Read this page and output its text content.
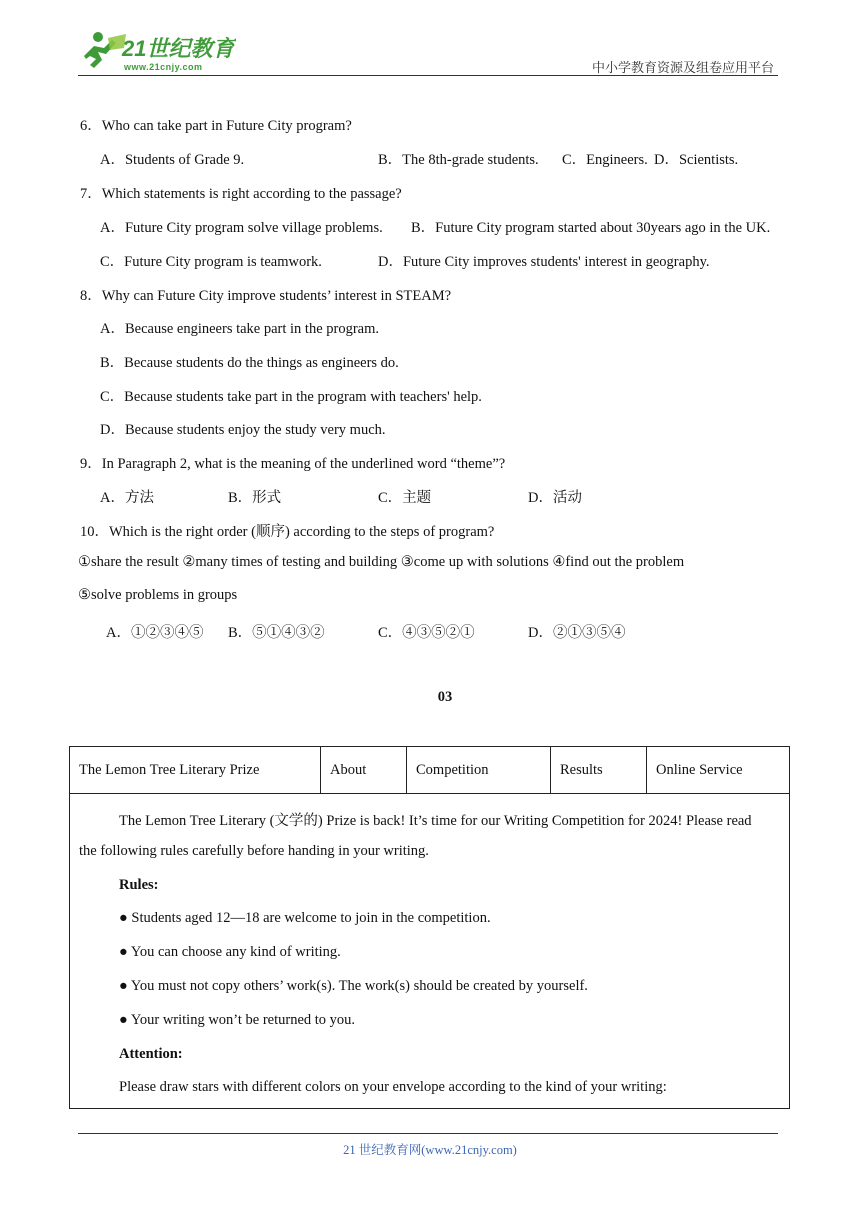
21世纪教育
www.21cnjy.com	中小学教育资源及组卷应用平台
6．Who can take part in Future City program?
A．Students of Grade 9.	B．The 8th-grade students. C．Engineers. D．Scientists.
7．Which statements is right according to the passage?
A．Future City program solve village problems. B．Future City program started about 30years ago in the UK.
C．Future City program is teamwork.	D．Future City improves students' interest in geography.
8．Why can Future City improve students’ interest in STEAM?
A．Because engineers take part in the program.
B．Because students do the things as engineers do.
C．Because students take part in the program with teachers' help.
D．Because students enjoy the study very much.
9．In Paragraph 2, what is the meaning of the underlined word “theme”?
A．方法	B．形式	C．主题	D．活动
10．Which is the right order (顺序) according to the steps of program?
①share the result ②many times of testing and building ③come up with solutions ④find out the problem
⑤solve problems in groups
A．①②③④⑤ B．⑤①④③②	C．④③⑤②①	D．②①③⑤④
03
The Lemon Tree Literary Prize	About	Competition	Results	Online Service
The Lemon Tree Literary (文学的) Prize is back! It’s time for our Writing Competition for 2024! Please read
the following rules carefully before handing in your writing.
Rules:
● Students aged 12—18 are welcome to join in the competition.
● You can choose any kind of writing.
● You must not copy others’ work(s). The work(s) should be created by yourself.
● Your writing won’t be returned to you.
Attention:
Please draw stars with different colors on your envelope according to the kind of your writing:
21 世纪教育网(www.21cnjy.com)
